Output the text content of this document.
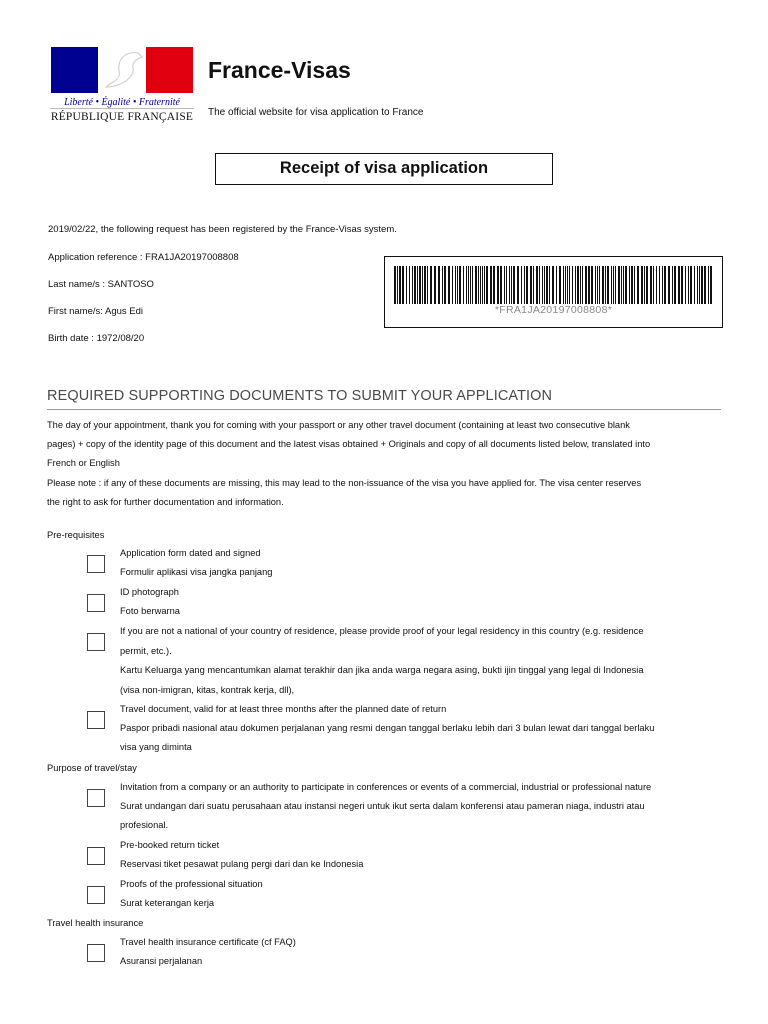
Liberté • Égalité • Fraternité
RÉPUBLIQUE FRANÇAISE
France-Visas
The official website for visa application to France
Receipt of visa application
2019/02/22, the following request has been registered by the France-Visas system.
Application reference : FRA1JA20197008808
Last name/s : SANTOSO
First name/s: Agus Edi
Birth date : 1972/08/20
*FRA1JA20197008808*
REQUIRED SUPPORTING DOCUMENTS TO SUBMIT YOUR APPLICATION
The day of your appointment, thank you for coming with your passport or any other travel document (containing at least two consecutive blank
pages) + copy of the identity page of this document and the latest visas obtained + Originals and copy of all documents listed below, translated into
French or English
Please note : if any of these documents are missing, this may lead to the non-issuance of the visa you have applied for. The visa center reserves
the right to ask for further documentation and information.
Pre-requisites
Application form dated and signed
Formulir aplikasi visa jangka panjang
ID photograph
Foto berwarna
If you are not a national of your country of residence, please provide proof of your legal residency in this country (e.g. residence
permit, etc.).
Kartu Keluarga yang mencantumkan alamat terakhir dan jika anda warga negara asing, bukti ijin tinggal yang legal di Indonesia
(visa non-imigran, kitas, kontrak kerja, dll),
Travel document, valid for at least three months after the planned date of return
Paspor pribadi nasional atau dokumen perjalanan yang resmi dengan tanggal berlaku lebih dari 3 bulan lewat dari tanggal berlaku
visa yang diminta
Purpose of travel/stay
Invitation from a company or an authority to participate in conferences or events of a commercial, industrial or professional nature
Surat undangan dari suatu perusahaan atau instansi negeri untuk ikut serta dalam konferensi atau pameran niaga, industri atau
profesional.
Pre-booked return ticket
Reservasi tiket pesawat pulang pergi dari dan ke Indonesia
Proofs of the professional situation
Surat keterangan kerja
Travel health insurance
Travel health insurance certificate (cf FAQ)
Asuransi perjalanan
